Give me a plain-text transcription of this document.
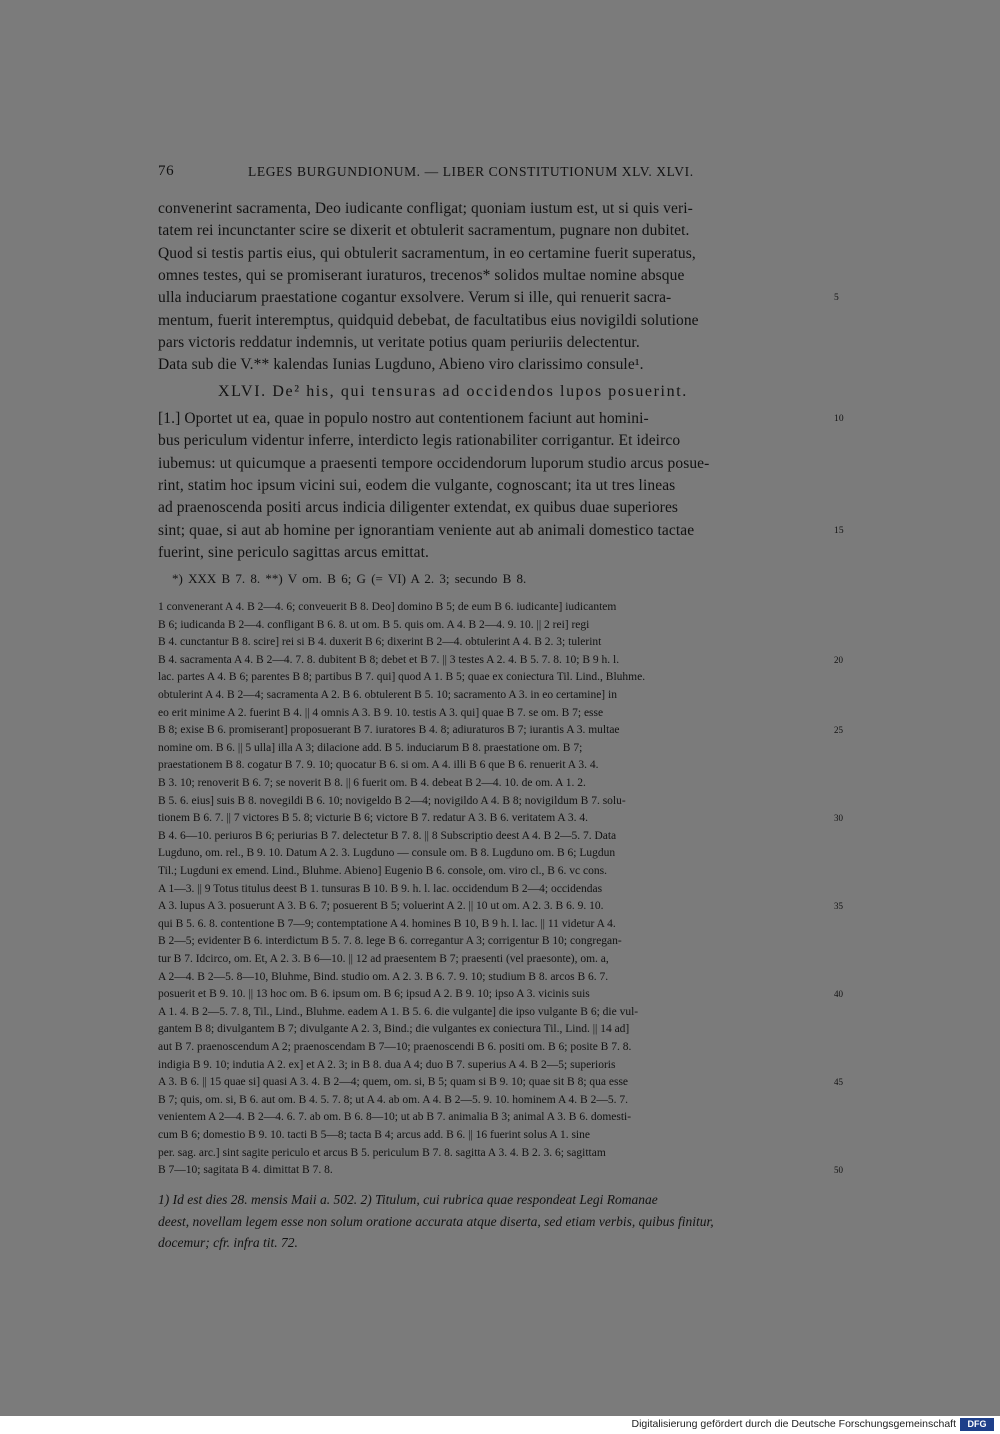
76	LEGES BURGUNDIONUM. — LIBER CONSTITUTIONUM XLV. XLVI.
convenerint sacramenta, Deo iudicante confligat; quoniam iustum est, ut si quis veri-
tatem rei incunctanter scire se dixerit et obtulerit sacramentum, pugnare non dubitet.
Quod si testis partis eius, qui obtulerit sacramentum, in eo certamine fuerit superatus,
omnes testes, qui se promiserant iuraturos, trecenos* solidos multae nomine absque
ulla induciarum praestatione cogantur exsolvere. Verum si ille, qui renuerit sacra-	5
mentum, fuerit interemptus, quidquid debebat, de facultatibus eius novigildi solutione
pars victoris reddatur indemnis, ut veritate potius quam periuriis delectentur.
Data sub die V.** kalendas Iunias Lugduno, Abieno viro clarissimo consule¹.
XLVI. De² his, qui tensuras ad occidendos lupos posuerint.
[1.] Oportet ut ea, quae in populo nostro aut contentionem faciunt aut homini-	10
bus periculum videntur inferre, interdicto legis rationabiliter corrigantur. Et ideirco
iubemus: ut quicumque a praesenti tempore occidendorum luporum studio arcus posue-
rint, statim hoc ipsum vicini sui, eodem die vulgante, cognoscant; ita ut tres lineas
ad praenoscenda positi arcus indicia diligenter extendat, ex quibus duae superiores
sint; quae, si aut ab homine per ignorantiam veniente aut ab animali domestico tactae	15
fuerint, sine periculo sagittas arcus emittat.
*) XXX B 7. 8. **) V om. B 6; G (= VI) A 2. 3; secundo B 8.
1 convenerant A 4. B 2—4. 6; conveuerit B 8. Deo] domino B 5; de eum B 6. iudicante] iudicantem
B 6; iudicanda B 2—4. confligant B 6. 8. ut om. B 5. quis om. A 4. B 2—4. 9. 10. || 2 rei] regi
B 4. cunctantur B 8. scire] rei si B 4. duxerit B 6; dixerint B 2—4. obtulerint A 4. B 2. 3; tulerint
B 4. sacramenta A 4. B 2—4. 7. 8. dubitent B 8; debet et B 7. || 3 testes A 2. 4. B 5. 7. 8. 10; B 9 h. l.	20
lac. partes A 4. B 6; parentes B 8; partibus B 7. qui] quod A 1. B 5; quae ex coniectura Til. Lind., Bluhme.
obtulerint A 4. B 2—4; sacramenta A 2. B 6. obtulerent B 5. 10; sacramento A 3. in eo certamine] in
eo erit minime A 2. fuerint B 4. || 4 omnis A 3. B 9. 10. testis A 3. qui] quae B 7. se om. B 7; esse
B 8; exise B 6. promiserant] proposuerant B 7. iuratores B 4. 8; adiuraturos B 7; iurantis A 3. multae	25
nomine om. B 6. || 5 ulla] illa A 3; dilacione add. B 5. induciarum B 8. praestatione om. B 7;
praestationem B 8. cogatur B 7. 9. 10; quocatur B 6. si om. A 4. illi B 6 que B 6. renuerit A 3. 4.
B 3. 10; renoverit B 6. 7; se noverit B 8. || 6 fuerit om. B 4. debeat B 2—4. 10. de om. A 1. 2.
B 5. 6. eius] suis B 8. novegildi B 6. 10; novigeldo B 2—4; novigildo A 4. B 8; novigildum B 7. solu-
tionem B 6. 7. || 7 victores B 5. 8; victurie B 6; victore B 7. redatur A 3. B 6. veritatem A 3. 4.	30
B 4. 6—10. periuros B 6; periurias B 7. delectetur B 7. 8. || 8 Subscriptio deest A 4. B 2—5. 7. Data
Lugduno, om. rel., B 9. 10. Datum A 2. 3. Lugduno — consule om. B 8. Lugduno om. B 6; Lugdun
Til.; Lugduni ex emend. Lind., Bluhme. Abieno] Eugenio B 6. console, om. viro cl., B 6. vc cons.
A 1—3. || 9 Totus titulus deest B 1. tunsuras B 10. B 9. h. l. lac. occidendum B 2—4; occidendas
A 3. lupus A 3. posuerunt A 3. B 6. 7; posuerent B 5; voluerint A 2. || 10 ut om. A 2. 3. B 6. 9. 10.	35
qui B 5. 6. 8. contentione B 7—9; contemptatione A 4. homines B 10, B 9 h. l. lac. || 11 videtur A 4.
B 2—5; evidenter B 6. interdictum B 5. 7. 8. lege B 6. corregantur A 3; corrigentur B 10; congregan-
tur B 7. Idcirco, om. Et, A 2. 3. B 6—10. || 12 ad praesentem B 7; praesenti (vel praesonte), om. a,
A 2—4. B 2—5. 8—10, Bluhme, Bind. studio om. A 2. 3. B 6. 7. 9. 10; studium B 8. arcos B 6. 7.
posuerit et B 9. 10. || 13 hoc om. B 6. ipsum om. B 6; ipsud A 2. B 9. 10; ipso A 3. vicinis suis	40
A 1. 4. B 2—5. 7. 8, Til., Lind., Bluhme. eadem A 1. B 5. 6. die vulgante] die ipso vulgante B 6; die vul-
gantem B 8; divulgantem B 7; divulgante A 2. 3, Bind.; die vulgantes ex coniectura Til., Lind. || 14 ad]
aut B 7. praenoscendum A 2; praenoscendam B 7—10; praenoscendi B 6. positi om. B 6; posite B 7. 8.
indigia B 9. 10; indutia A 2. ex] et A 2. 3; in B 8. dua A 4; duo B 7. superius A 4. B 2—5; superioris
A 3. B 6. || 15 quae si] quasi A 3. 4. B 2—4; quem, om. si, B 5; quam si B 9. 10; quae sit B 8; qua esse	45
B 7; quis, om. si, B 6. aut om. B 4. 5. 7. 8; ut A 4. ab om. A 4. B 2—5. 9. 10. hominem A 4. B 2—5. 7.
venientem A 2—4. B 2—4. 6. 7. ab om. B 6. 8—10; ut ab B 7. animalia B 3; animal A 3. B 6. domesti-
cum B 6; domestio B 9. 10. tacti B 5—8; tacta B 4; arcus add. B 6. || 16 fuerint solus A 1. sine
per. sag. arc.] sint sagite periculo et arcus B 5. periculum B 7. 8. sagitta A 3. 4. B 2. 3. 6; sagittam
B 7—10; sagitata B 4. dimittat B 7. 8.	50
1) Id est dies 28. mensis Maii a. 502. 2) Titulum, cui rubrica quae respondeat Legi Romanae
deest, novellam legem esse non solum oratione accurata atque diserta, sed etiam verbis, quibus finitur,
docemur; cfr. infra tit. 72.
Digitalisierung gefördert durch die Deutsche Forschungsgemeinschaft	DFG
